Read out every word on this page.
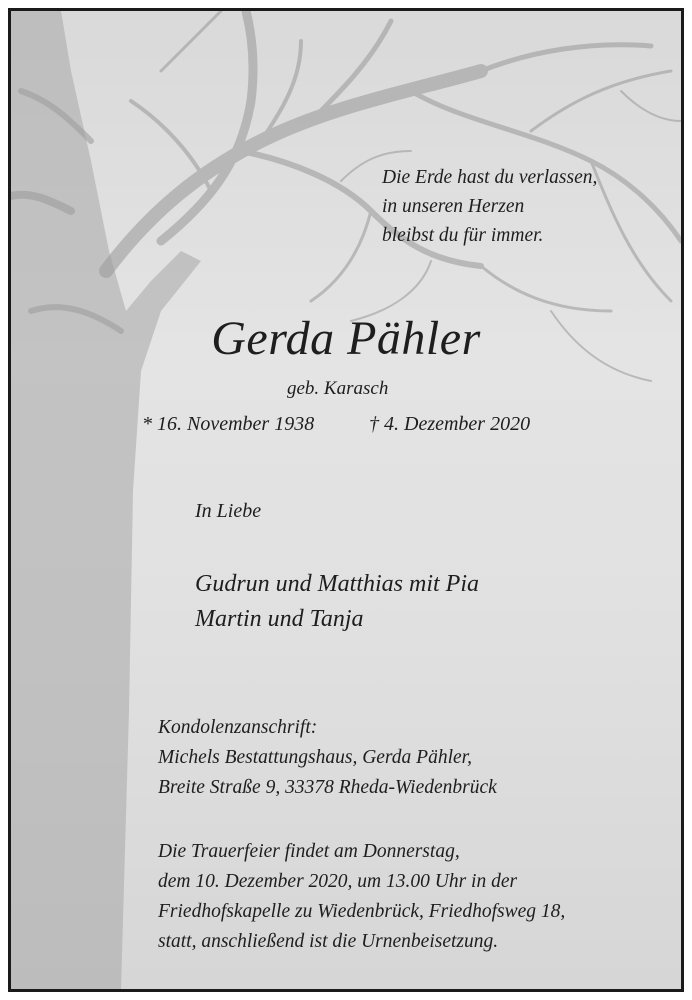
Die Erde hast du verlassen,
in unseren Herzen
bleibst du für immer.
Gerda Pähler
geb. Karasch
* 16. November 1938	† 4. Dezember 2020
In Liebe
Gudrun und Matthias mit Pia
Martin und Tanja
Kondolenzanschrift:
Michels Bestattungshaus, Gerda Pähler,
Breite Straße 9, 33378 Rheda-Wiedenbrück
Die Trauerfeier findet am Donnerstag,
dem 10. Dezember 2020, um 13.00 Uhr in der
Friedhofskapelle zu Wiedenbrück, Friedhofsweg 18,
statt, anschließend ist die Urnenbeisetzung.
